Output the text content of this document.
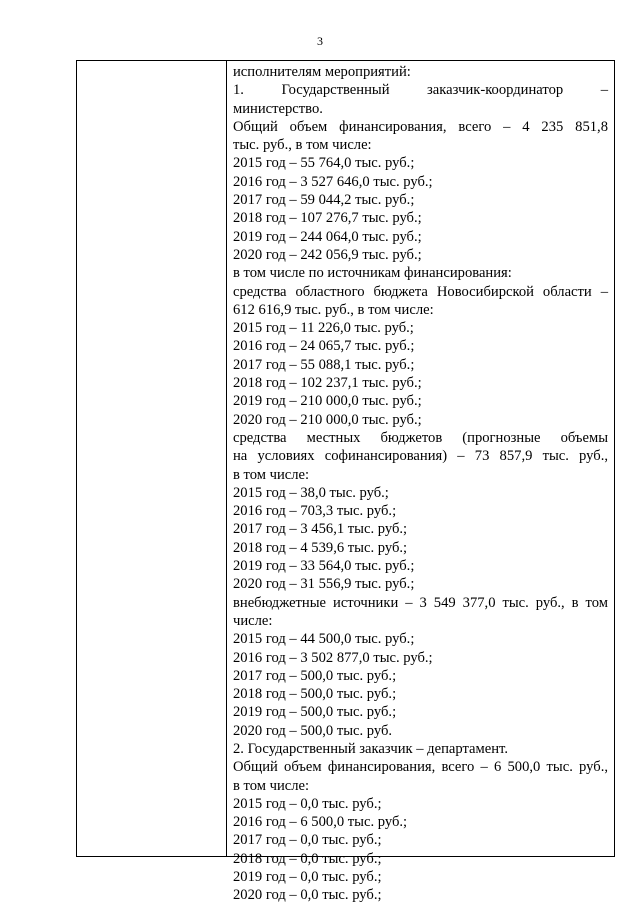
3
исполнителям мероприятий:
1. Государственный заказчик-координатор –
министерство.
Общий объем финансирования, всего – 4 235 851,8
тыс. руб., в том числе:
2015 год – 55 764,0 тыс. руб.;
2016 год – 3 527 646,0 тыс. руб.;
2017 год – 59 044,2 тыс. руб.;
2018 год – 107 276,7 тыс. руб.;
2019 год – 244 064,0 тыс. руб.;
2020 год – 242 056,9 тыс. руб.;
в том числе по источникам финансирования:
средства областного бюджета Новосибирской области –
612 616,9 тыс. руб., в том числе:
2015 год – 11 226,0 тыс. руб.;
2016 год – 24 065,7 тыс. руб.;
2017 год – 55 088,1 тыс. руб.;
2018 год – 102 237,1 тыс. руб.;
2019 год – 210 000,0 тыс. руб.;
2020 год – 210 000,0 тыс. руб.;
средства местных бюджетов (прогнозные объемы
на условиях софинансирования) – 73 857,9 тыс. руб.,
в том числе:
2015 год – 38,0 тыс. руб.;
2016 год – 703,3 тыс. руб.;
2017 год – 3 456,1 тыс. руб.;
2018 год – 4 539,6 тыс. руб.;
2019 год – 33 564,0 тыс. руб.;
2020 год – 31 556,9 тыс. руб.;
внебюджетные источники – 3 549 377,0 тыс. руб., в том
числе:
2015 год – 44 500,0 тыс. руб.;
2016 год – 3 502 877,0 тыс. руб.;
2017 год – 500,0 тыс. руб.;
2018 год – 500,0 тыс. руб.;
2019 год – 500,0 тыс. руб.;
2020 год – 500,0 тыс. руб.
2. Государственный заказчик – департамент.
Общий объем финансирования, всего – 6 500,0 тыс. руб.,
в том числе:
2015 год – 0,0 тыс. руб.;
2016 год – 6 500,0 тыс. руб.;
2017 год – 0,0 тыс. руб.;
2018 год – 0,0 тыс. руб.;
2019 год – 0,0 тыс. руб.;
2020 год – 0,0 тыс. руб.;
